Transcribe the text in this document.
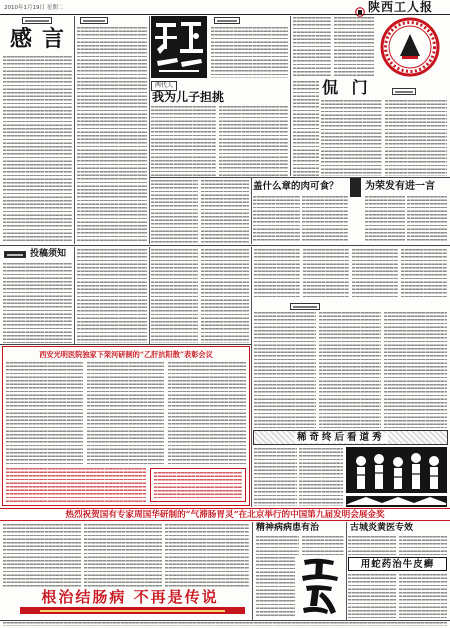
2010年1月19日 星期二	陕西工人报
感言
两代人
我为儿子担挑	侃 门
盖什么章的肉可食？	为荣发有进一言
投稿须知
稀奇终后看道秀
西安光明医院独家下架河研制的“乙肝抗阳散”表彰会议
热烈祝贺国有专家周国华研制的“气滞肠胃灵”在北京举行的中国第九届发明会展金奖
根治结肠病 不再是传说
精神病病患有治	古城炎黄医专效
用蛇药治牛皮癣
